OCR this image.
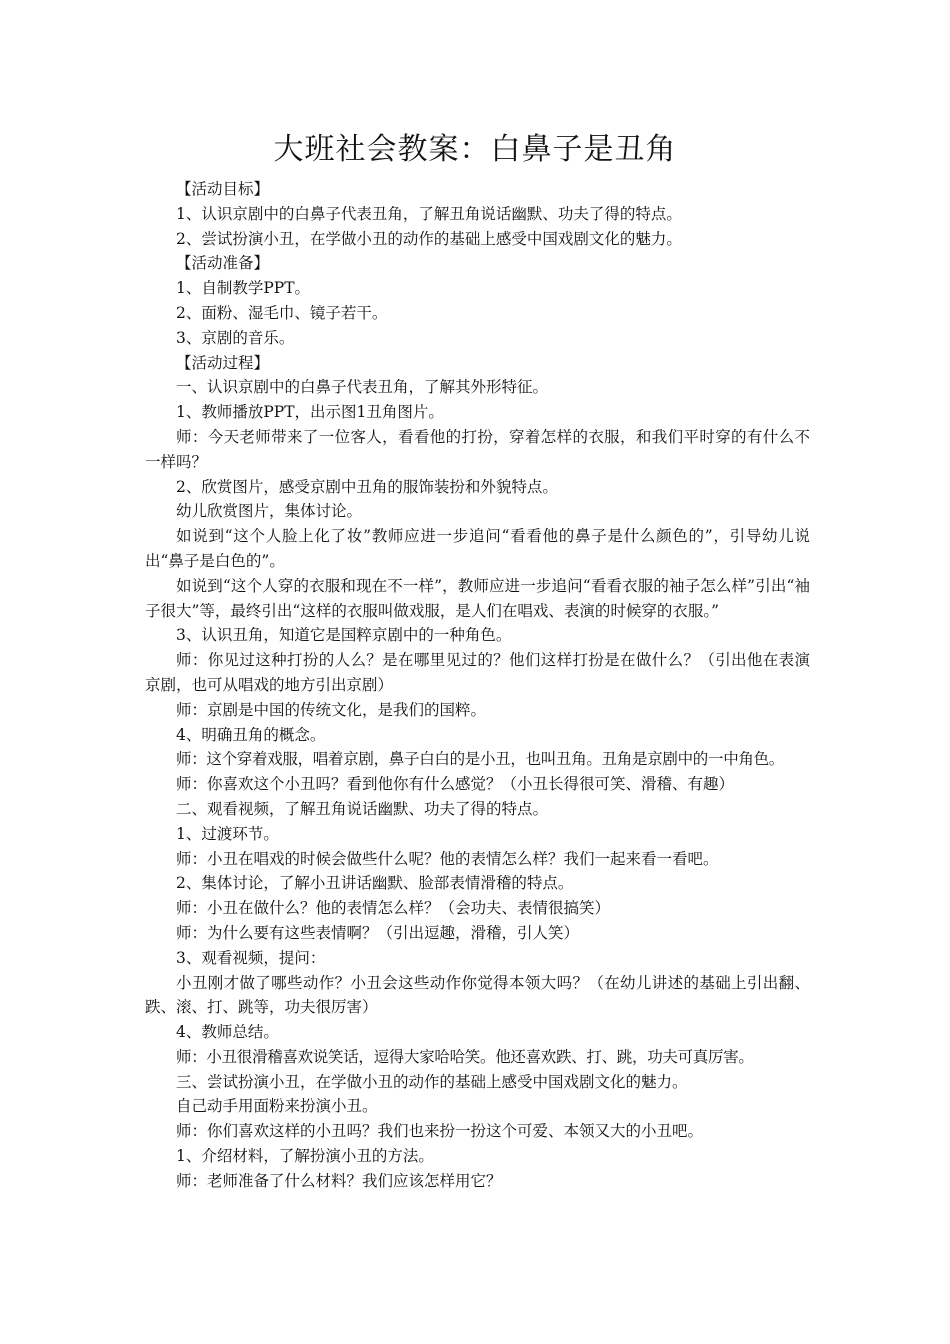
大班社会教案：白鼻子是丑角

【活动目标】

1、认识京剧中的白鼻子代表丑角，了解丑角说话幽默、功夫了得的特点。

2、尝试扮演小丑，在学做小丑的动作的基础上感受中国戏剧文化的魅力。

【活动准备】

1、自制教学PPT。

2、面粉、湿毛巾、镜子若干。

3、京剧的音乐。

【活动过程】

一、认识京剧中的白鼻子代表丑角，了解其外形特征。

1、教师播放PPT，出示图1丑角图片。

师：今天老师带来了一位客人，看看他的打扮，穿着怎样的衣服，和我们平时穿的有什么不一样吗？

2、欣赏图片，感受京剧中丑角的服饰装扮和外貌特点。

幼儿欣赏图片，集体讨论。

如说到“这个人脸上化了妆”教师应进一步追问“看看他的鼻子是什么颜色的”，引导幼儿说出“鼻子是白色的”。

如说到“这个人穿的衣服和现在不一样”，教师应进一步追问“看看衣服的袖子怎么样”引出“袖子很大”等，最终引出“这样的衣服叫做戏服，是人们在唱戏、表演的时候穿的衣服。”

3、认识丑角，知道它是国粹京剧中的一种角色。

师：你见过这种打扮的人么？是在哪里见过的？他们这样打扮是在做什么？（引出他在表演京剧，也可从唱戏的地方引出京剧）

师：京剧是中国的传统文化，是我们的国粹。

4、明确丑角的概念。

师：这个穿着戏服，唱着京剧，鼻子白白的是小丑，也叫丑角。丑角是京剧中的一中角色。

师：你喜欢这个小丑吗？看到他你有什么感觉？（小丑长得很可笑、滑稽、有趣）

二、观看视频，了解丑角说话幽默、功夫了得的特点。

1、过渡环节。

师：小丑在唱戏的时候会做些什么呢？他的表情怎么样？我们一起来看一看吧。

2、集体讨论，了解小丑讲话幽默、脸部表情滑稽的特点。

师：小丑在做什么？他的表情怎么样？（会功夫、表情很搞笑）

师：为什么要有这些表情啊？（引出逗趣，滑稽，引人笑）

3、观看视频，提问：

小丑刚才做了哪些动作？小丑会这些动作你觉得本领大吗？（在幼儿讲述的基础上引出翻、跌、滚、打、跳等，功夫很厉害）

4、教师总结。

师：小丑很滑稽喜欢说笑话，逗得大家哈哈笑。他还喜欢跌、打、跳，功夫可真厉害。

三、尝试扮演小丑，在学做小丑的动作的基础上感受中国戏剧文化的魅力。

自己动手用面粉来扮演小丑。

师：你们喜欢这样的小丑吗？我们也来扮一扮这个可爱、本领又大的小丑吧。

1、介绍材料，了解扮演小丑的方法。

师：老师准备了什么材料？我们应该怎样用它？
